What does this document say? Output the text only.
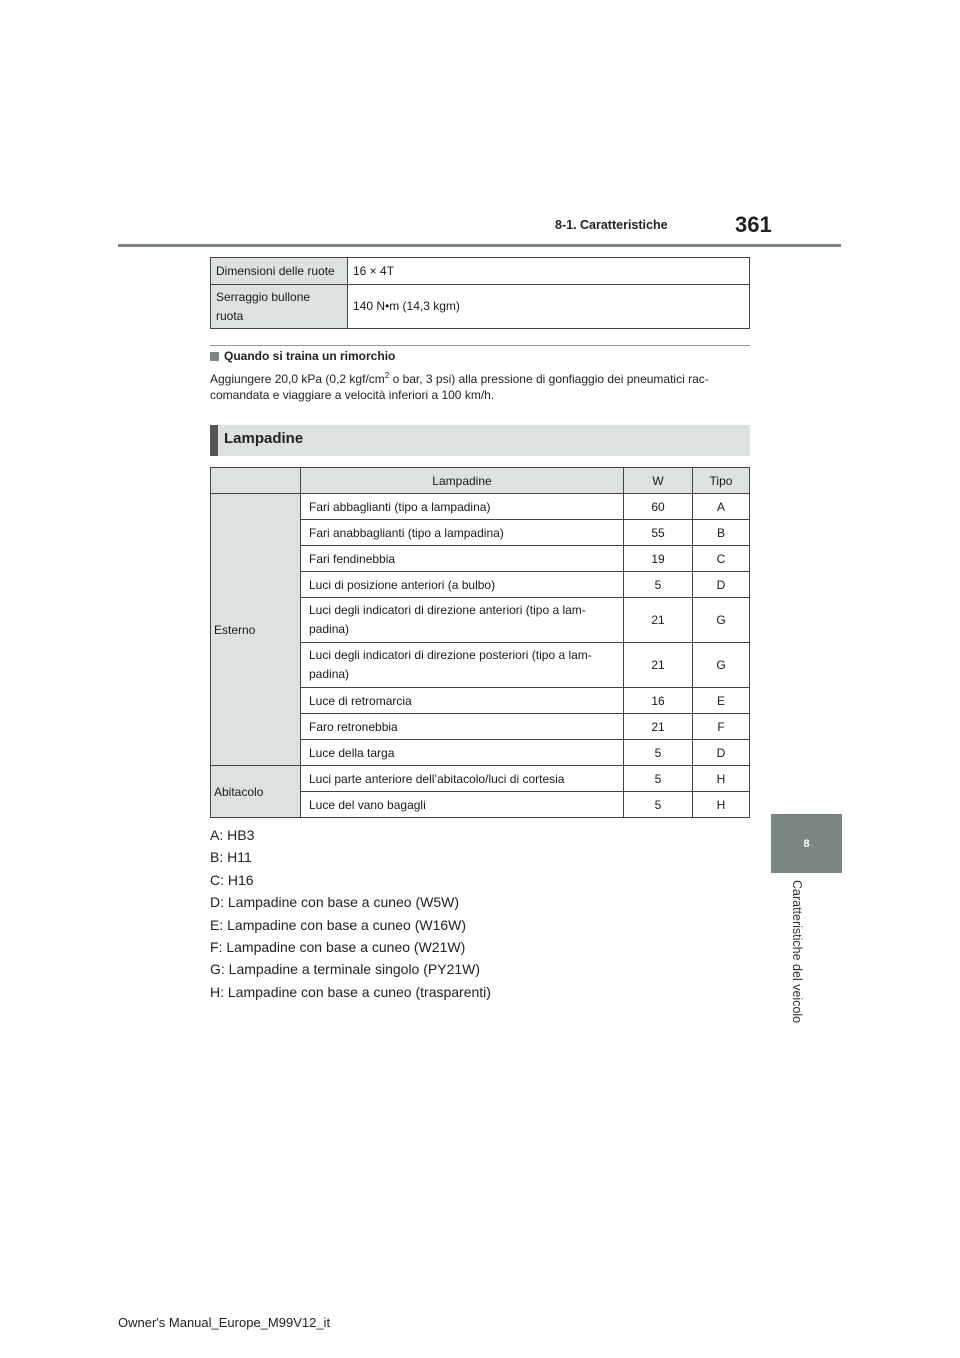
8-1. Caratteristiche	361
8
Caratteristiche del veicolo
Dimensioni delle ruote	16 × 4T

Serraggio bullone
ruota	140 N•m (14,3 kgm)
Quando si traina un rimorchio
Aggiungere 20,0 kPa (0,2 kgf/$cm^2$ o bar, 3 psi) alla pressione di gonfiaggio dei pneumatici rac-
comandata e viaggiare a velocità inferiori a 100 km/h.
Lampadine
	Lampadine	W	Tipo
Esterno	Fari abbaglianti (tipo a lampadina)	60	A
	Fari anabbaglianti (tipo a lampadina)	55	B
	Fari fendinebbia	19	C
	Luci di posizione anteriori (a bulbo)	5	D

	Luci degli indicatori di direzione anteriori (tipo a lam-
padina)	21	G

	Luci degli indicatori di direzione posteriori (tipo a lam-
padina)	21	G
	Luce di retromarcia	16	E
	Faro retronebbia	21	F
	Luce della targa	5	D
Abitacolo	Luci parte anteriore dell’abitacolo/luci di cortesia	5	H
	Luce del vano bagagli	5	H
A: HB3
B: H11
C: H16
D: Lampadine con base a cuneo (W5W)
E: Lampadine con base a cuneo (W16W)
F: Lampadine con base a cuneo (W21W)
G: Lampadine a terminale singolo (PY21W)
H: Lampadine con base a cuneo (trasparenti)
Owner's Manual_Europe_M99V12_it
